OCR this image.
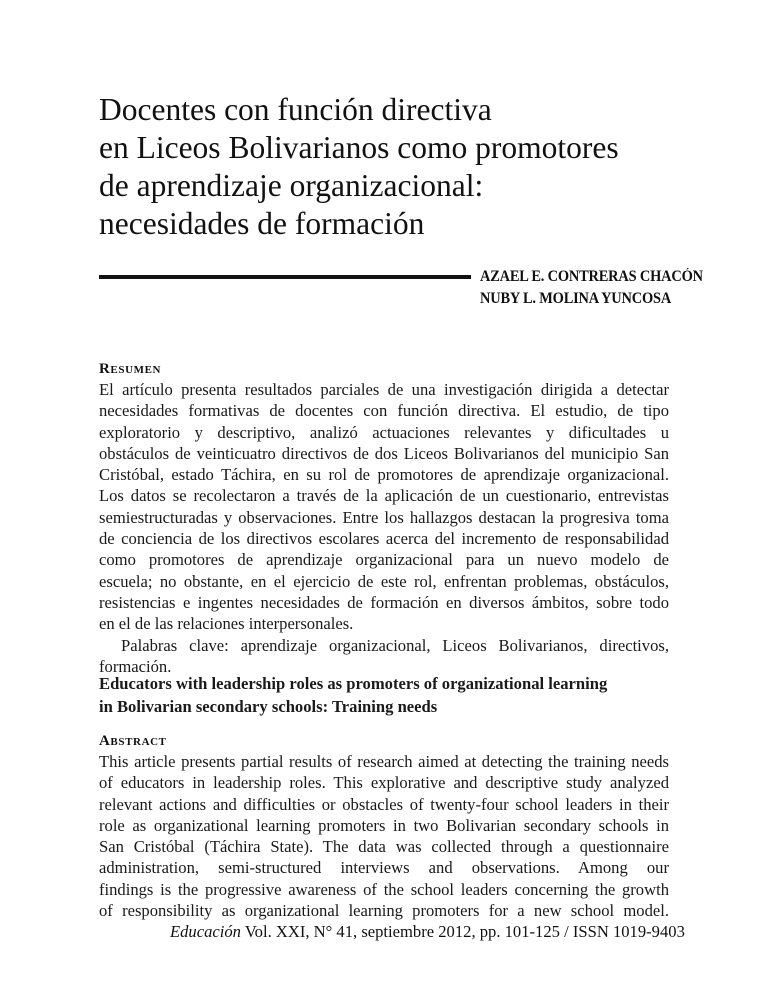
Docentes con función directiva
en Liceos Bolivarianos como promotores
de aprendizaje organizacional:
necesidades de formación
AZAEL E. CONTRERAS CHACÓN
NUBY L. MOLINA YUNCOSA
Resumen
El artículo presenta resultados parciales de una investigación dirigida a detectar
necesidades formativas de docentes con función directiva. El estudio, de tipo
exploratorio y descriptivo, analizó actuaciones relevantes y dificultades u
obstáculos de veinticuatro directivos de dos Liceos Bolivarianos del municipio San
Cristóbal, estado Táchira, en su rol de promotores de aprendizaje organizacional.
Los datos se recolectaron a través de la aplicación de un cuestionario, entrevistas
semiestructuradas y observaciones. Entre los hallazgos destacan la progresiva toma
de conciencia de los directivos escolares acerca del incremento de responsabilidad
como promotores de aprendizaje organizacional para un nuevo modelo de
escuela; no obstante, en el ejercicio de este rol, enfrentan problemas, obstáculos,
resistencias e ingentes necesidades de formación en diversos ámbitos, sobre todo
en el de las relaciones interpersonales.
Palabras clave: aprendizaje organizacional, Liceos Bolivarianos, directivos,
formación.
Educators with leadership roles as promoters of organizational learning
in Bolivarian secondary schools: Training needs
Abstract
This article presents partial results of research aimed at detecting the training needs
of educators in leadership roles. This explorative and descriptive study analyzed
relevant actions and difficulties or obstacles of twenty-four school leaders in their
role as organizational learning promoters in two Bolivarian secondary schools in
San Cristóbal (Táchira State). The data was collected through a questionnaire
administration, semi-structured interviews and observations. Among our
findings is the progressive awareness of the school leaders concerning the growth
of responsibility as organizational learning promoters for a new school model.
Educación Vol. XXI, N° 41, septiembre 2012, pp. 101-125 / ISSN 1019-9403
